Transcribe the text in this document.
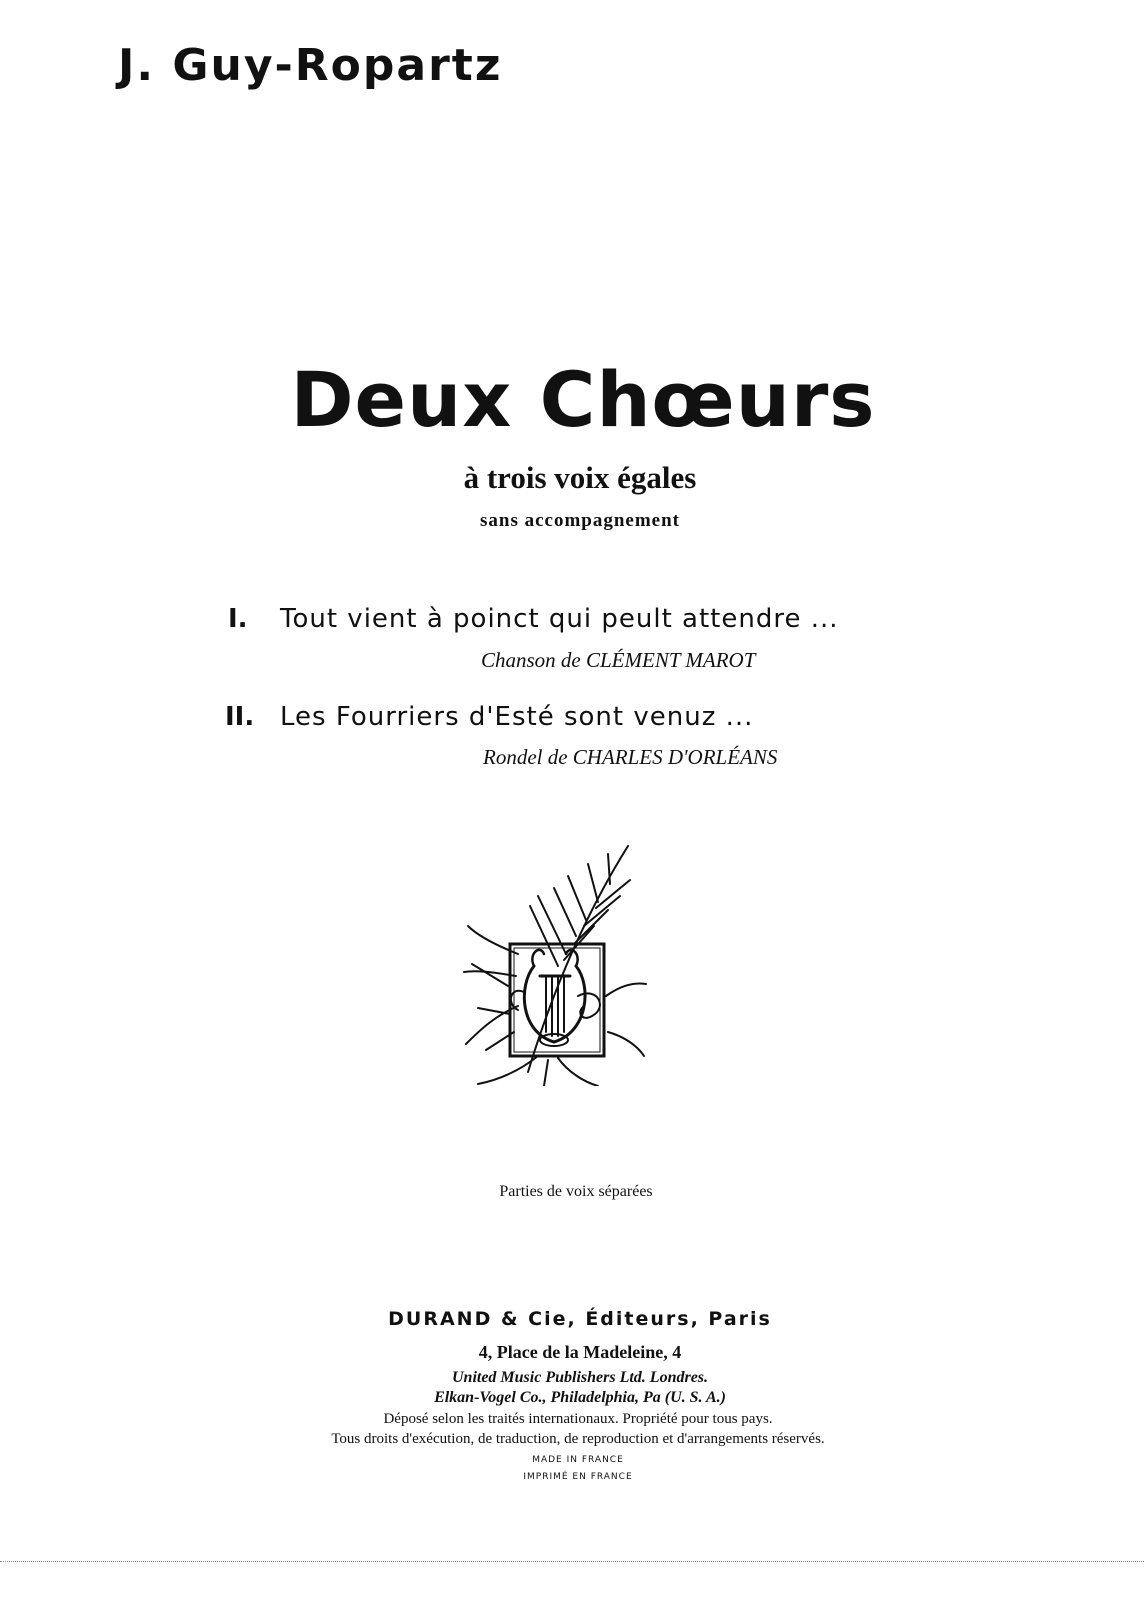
J. Guy-Ropartz
Deux Chœurs
à trois voix égales
sans accompagnement
I. Tout vient à poinct qui peult attendre ...
Chanson de CLÉMENT MAROT
II. Les Fourriers d'Esté sont venuz ...
Rondel de CHARLES D'ORLÉANS
Parties de voix séparées
DURAND & Cie, Éditeurs, Paris
4, Place de la Madeleine, 4
United Music Publishers Ltd. Londres.
Elkan-Vogel Co., Philadelphia, Pa (U. S. A.)
Déposé selon les traités internationaux. Propriété pour tous pays.
Tous droits d'exécution, de traduction, de reproduction et d'arrangements réservés.
MADE IN FRANCE
IMPRIMÉ EN FRANCE
